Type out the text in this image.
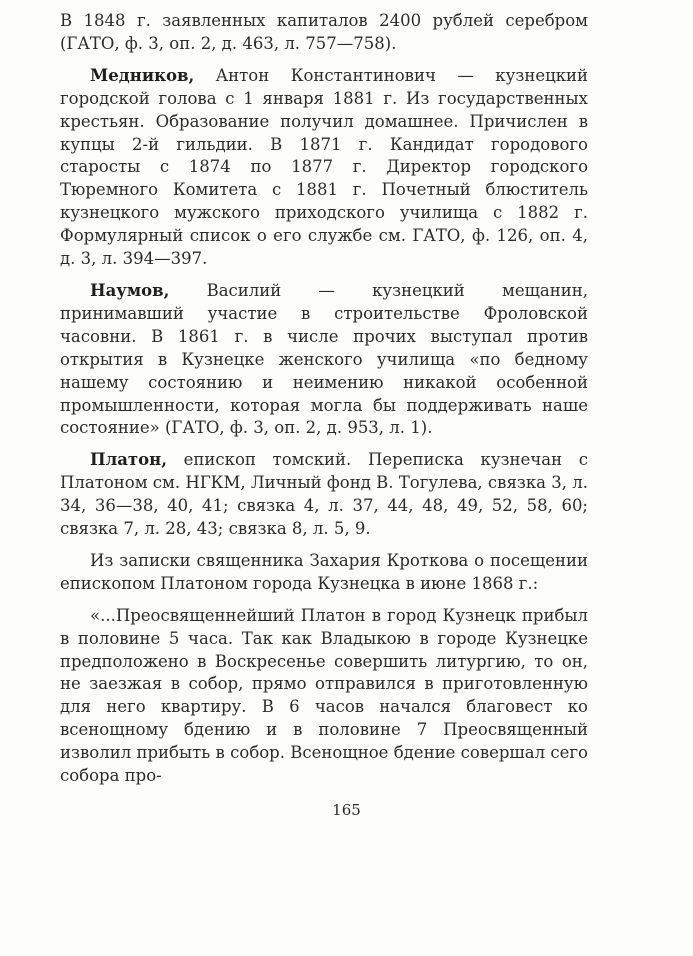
В 1848 г. заявленных капиталов 2400 рублей серебром (ГАТО, ф. 3, оп. 2, д. 463, л. 757—758).

Медников, Антон Константинович — кузнецкий городской голова с 1 января 1881 г. Из государственных крестьян. Образование получил домашнее. Причислен в купцы 2-й гильдии. В 1871 г. Кандидат городового старосты с 1874 по 1877 г. Директор городского Тюремного Комитета с 1881 г. Почетный блюститель кузнецкого мужского приходского училища с 1882 г. Формулярный список о его службе см. ГАТО, ф. 126, оп. 4, д. 3, л. 394—397.

Наумов, Василий — кузнецкий мещанин, принимавший участие в строительстве Фроловской часовни. В 1861 г. в числе прочих выступал против открытия в Кузнецке женского училища «по бедному нашему состоянию и неимению никакой особенной промышленности, которая могла бы поддерживать наше состояние» (ГАТО, ф. 3, оп. 2, д. 953, л. 1).

Платон, епископ томский. Переписка кузнечан с Платоном см. НГКМ, Личный фонд В. Тогулева, связка 3, л. 34, 36—38, 40, 41; связка 4, л. 37, 44, 48, 49, 52, 58, 60; связка 7, л. 28, 43; связка 8, л. 5, 9.

Из записки священника Захария Кроткова о посещении епископом Платоном города Кузнецка в июне 1868 г.:

«...Преосвященнейший Платон в город Кузнецк прибыл в половине 5 часа. Так как Владыкою в городе Кузнецке предположено в Воскресенье совершить литургию, то он, не заезжая в собор, прямо отправился в приготовленную для него квартиру. В 6 часов начался благовест ко всенощному бдению и в половине 7 Преосвященный изволил прибыть в собор. Всенощное бдение совершал сего собора про-

165
